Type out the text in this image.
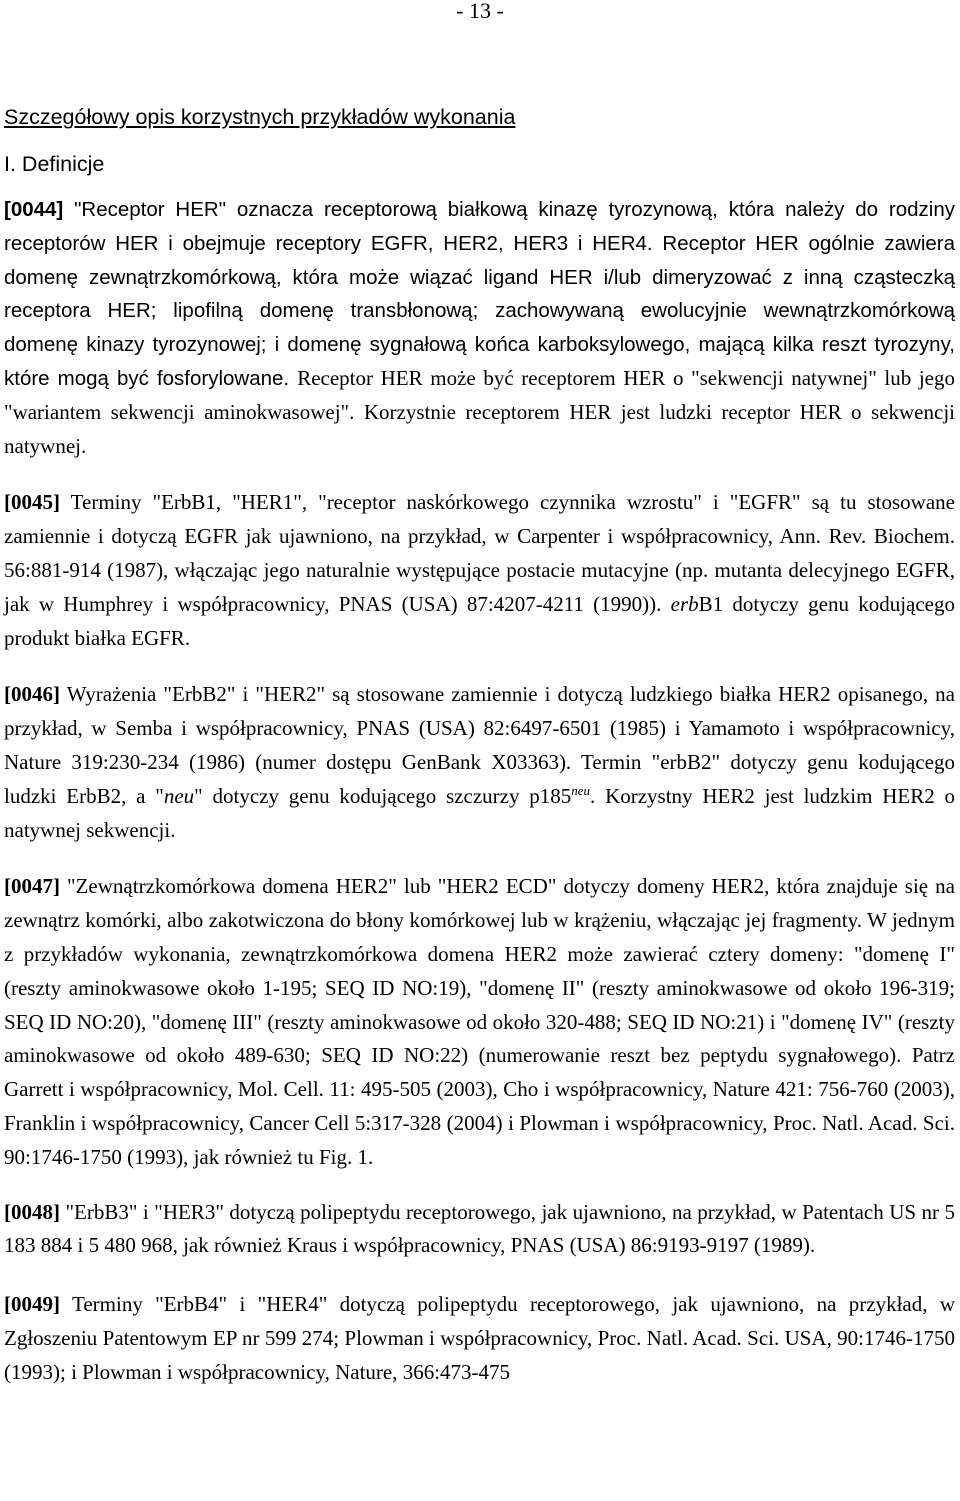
- 13 -
Szczegółowy opis korzystnych przykładów wykonania
I. Definicje

[0044] "Receptor HER" oznacza receptorową białkową kinazę tyrozynową, która należy do rodziny receptorów HER i obejmuje receptory EGFR, HER2, HER3 i HER4. Receptor HER ogólnie zawiera domenę zewnątrzkomórkową, która może wiązać ligand HER i/lub dimeryzować z inną cząsteczką receptora HER; lipofilną domenę transbłonową; zachowywaną ewolucyjnie wewnątrzkomórkową domenę kinazy tyrozynowej; i domenę sygnałową końca karboksylowego, mającą kilka reszt tyrozyny, które mogą być fosforylowane. Receptor HER może być receptorem HER o "sekwencji natywnej" lub jego "wariantem sekwencji aminokwasowej". Korzystnie receptorem HER jest ludzki receptor HER o sekwencji natywnej.

[0045] Terminy "ErbB1, "HER1", "receptor naskórkowego czynnika wzrostu" i "EGFR" są tu stosowane zamiennie i dotyczą EGFR jak ujawniono, na przykład, w Carpenter i współpracownicy, Ann. Rev. Biochem. 56:881-914 (1987), włączając jego naturalnie występujące postacie mutacyjne (np. mutanta delecyjnego EGFR, jak w Humphrey i współpracownicy, PNAS (USA) 87:4207-4211 (1990)). erbB1 dotyczy genu kodującego produkt białka EGFR.

[0046] Wyrażenia "ErbB2" i "HER2" są stosowane zamiennie i dotyczą ludzkiego białka HER2 opisanego, na przykład, w Semba i współpracownicy, PNAS (USA) 82:6497-6501 (1985) i Yamamoto i współpracownicy, Nature 319:230-234 (1986) (numer dostępu GenBank X03363). Termin "erbB2" dotyczy genu kodującego ludzki ErbB2, a "neu" dotyczy genu kodującego szczurzy $p185^{neu}$. Korzystny HER2 jest ludzkim HER2 o natywnej sekwencji.

[0047] "Zewnątrzkomórkowa domena HER2" lub "HER2 ECD" dotyczy domeny HER2, która znajduje się na zewnątrz komórki, albo zakotwiczona do błony komórkowej lub w krążeniu, włączając jej fragmenty. W jednym z przykładów wykonania, zewnątrzkomórkowa domena HER2 może zawierać cztery domeny: "domenę I" (reszty aminokwasowe około 1-195; SEQ ID NO:19), "domenę II" (reszty aminokwasowe od około 196-319; SEQ ID NO:20), "domenę III" (reszty aminokwasowe od około 320-488; SEQ ID NO:21) i "domenę IV" (reszty aminokwasowe od około 489-630; SEQ ID NO:22) (numerowanie reszt bez peptydu sygnałowego). Patrz Garrett i współpracownicy, Mol. Cell. 11: 495-505 (2003), Cho i współpracownicy, Nature 421: 756-760 (2003), Franklin i współpracownicy, Cancer Cell 5:317-328 (2004) i Plowman i współpracownicy, Proc. Natl. Acad. Sci. 90:1746-1750 (1993), jak również tu Fig. 1.

[0048] "ErbB3" i "HER3" dotyczą polipeptydu receptorowego, jak ujawniono, na przykład, w Patentach US nr 5 183 884 i 5 480 968, jak również Kraus i współpracownicy, PNAS (USA) 86:9193-9197 (1989).

[0049] Terminy "ErbB4" i "HER4" dotyczą polipeptydu receptorowego, jak ujawniono, na przykład, w Zgłoszeniu Patentowym EP nr 599 274; Plowman i współpracownicy, Proc. Natl. Acad. Sci. USA, 90:1746-1750 (1993); i Plowman i współpracownicy, Nature, 366:473-475
